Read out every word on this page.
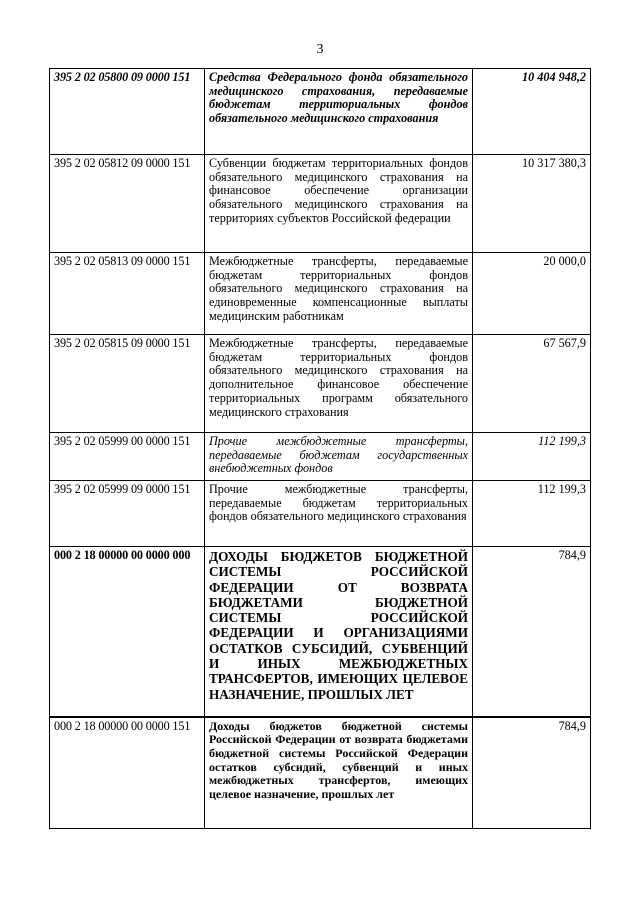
3
395 2 02 05800 09 0000 151	Средства Федерального фонда обязательного медицинского страхования, передаваемые бюджетам территориальных фондов обязательного медицинского страхования	10 404 948,2
395 2 02 05812 09 0000 151	Субвенции бюджетам территориальных фондов обязательного медицинского страхования на финансовое обеспечение организации обязательного медицинского страхования на территориях субъектов Российской федерации	10 317 380,3
395 2 02 05813 09 0000 151	Межбюджетные трансферты, передаваемые бюджетам территориальных фондов обязательного медицинского страхования на единовременные компенсационные выплаты медицинским работникам	20 000,0
395 2 02 05815 09 0000 151	Межбюджетные трансферты, передаваемые бюджетам территориальных фондов обязательного медицинского страхования на дополнительное финансовое обеспечение территориальных программ обязательного медицинского страхования	67 567,9
395 2 02 05999 00 0000 151	Прочие межбюджетные трансферты, передаваемые бюджетам государственных внебюджетных фондов	112 199,3
395 2 02 05999 09 0000 151	Прочие межбюджетные трансферты, передаваемые бюджетам территориальных фондов обязательного медицинского страхования	112 199,3
000 2 18 00000 00 0000 000	ДОХОДЫ БЮДЖЕТОВ БЮДЖЕТНОЙ СИСТЕМЫ РОССИЙСКОЙ ФЕДЕРАЦИИ ОТ ВОЗВРАТА БЮДЖЕТАМИ БЮДЖЕТНОЙ СИСТЕМЫ РОССИЙСКОЙ ФЕДЕРАЦИИ И ОРГАНИЗАЦИЯМИ ОСТАТКОВ СУБСИДИЙ, СУБВЕНЦИЙ И ИНЫХ МЕЖБЮДЖЕТНЫХ ТРАНСФЕРТОВ, ИМЕЮЩИХ ЦЕЛЕВОЕ НАЗНАЧЕНИЕ, ПРОШЛЫХ ЛЕТ	784,9
000 2 18 00000 00 0000 151	Доходы бюджетов бюджетной системы Российской Федерации от возврата бюджетами бюджетной системы Российской Федерации остатков субсидий, субвенций и иных межбюджетных трансфертов, имеющих целевое назначение, прошлых лет	784,9
